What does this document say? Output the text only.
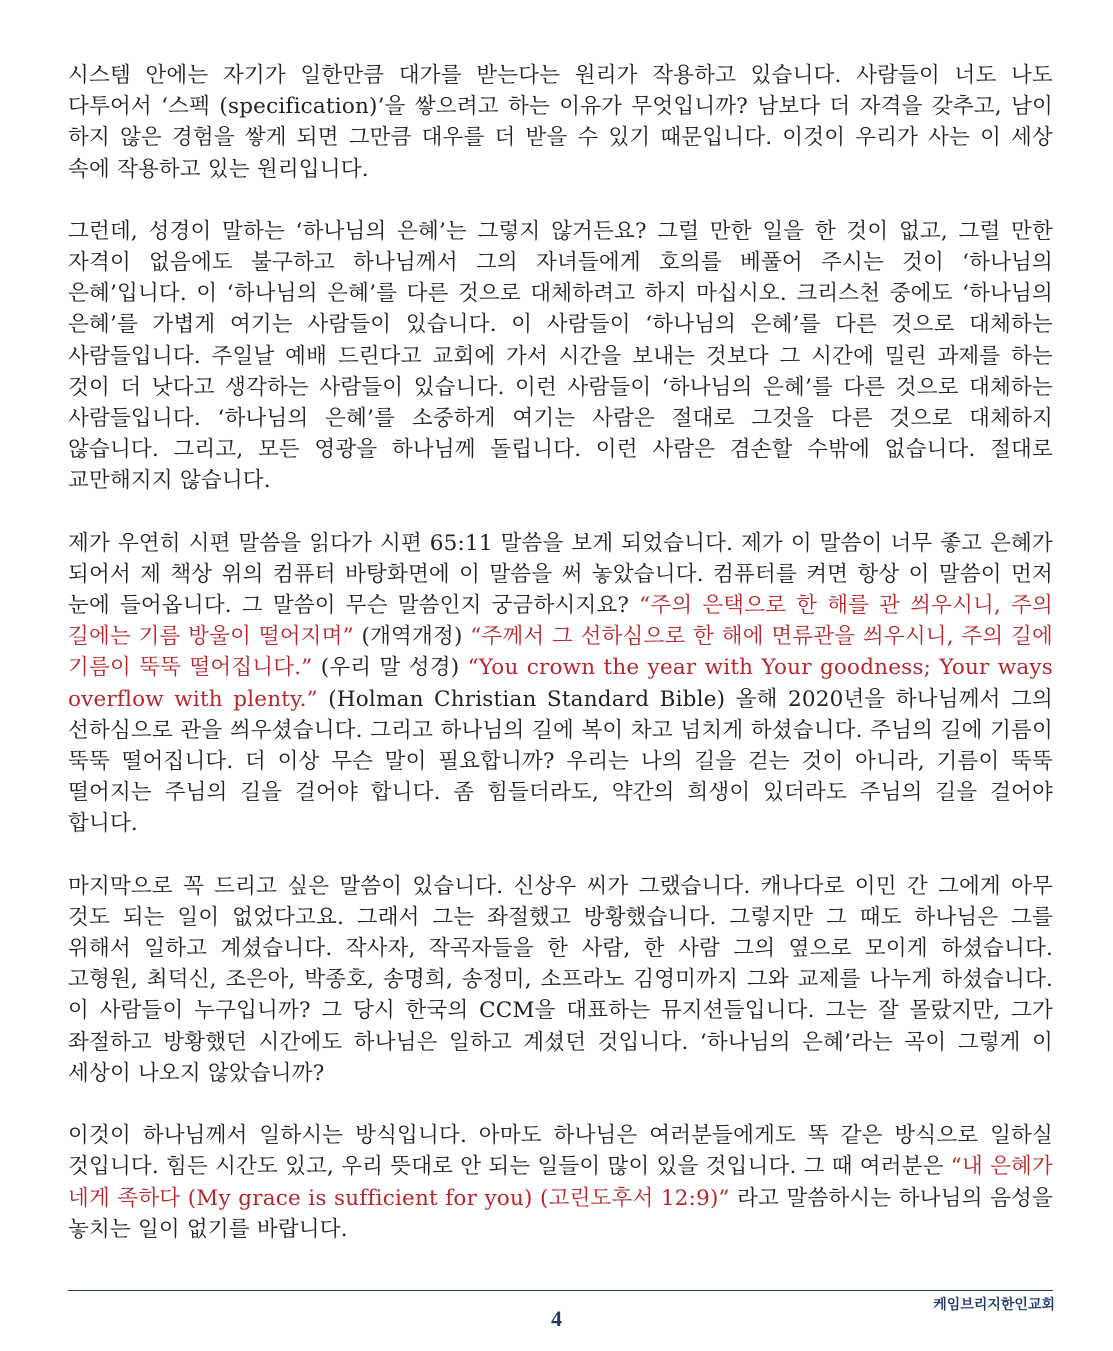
시스템 안에는 자기가 일한만큼 대가를 받는다는 원리가 작용하고 있습니다. 사람들이 너도 나도 다투어서 ‘스펙 (specification)’을 쌓으려고 하는 이유가 무엇입니까? 남보다 더 자격을 갖추고, 남이 하지 않은 경험을 쌓게 되면 그만큼 대우를 더 받을 수 있기 때문입니다. 이것이 우리가 사는 이 세상 속에 작용하고 있는 원리입니다.

그런데, 성경이 말하는 ‘하나님의 은혜’는 그렇지 않거든요? 그럴 만한 일을 한 것이 없고, 그럴 만한 자격이 없음에도 불구하고 하나님께서 그의 자녀들에게 호의를 베풀어 주시는 것이 ‘하나님의 은혜’입니다. 이 ‘하나님의 은혜’를 다른 것으로 대체하려고 하지 마십시오. 크리스천 중에도 ‘하나님의 은혜’를 가볍게 여기는 사람들이 있습니다. 이 사람들이 ‘하나님의 은혜’를 다른 것으로 대체하는 사람들입니다. 주일날 예배 드린다고 교회에 가서 시간을 보내는 것보다 그 시간에 밀린 과제를 하는 것이 더 낫다고 생각하는 사람들이 있습니다. 이런 사람들이 ‘하나님의 은혜’를 다른 것으로 대체하는 사람들입니다. ‘하나님의 은혜’를 소중하게 여기는 사람은 절대로 그것을 다른 것으로 대체하지 않습니다. 그리고, 모든 영광을 하나님께 돌립니다. 이런 사람은 겸손할 수밖에 없습니다. 절대로 교만해지지 않습니다.

제가 우연히 시편 말씀을 읽다가 시편 65:11 말씀을 보게 되었습니다. 제가 이 말씀이 너무 좋고 은혜가 되어서 제 책상 위의 컴퓨터 바탕화면에 이 말씀을 써 놓았습니다. 컴퓨터를 켜면 항상 이 말씀이 먼저 눈에 들어옵니다. 그 말씀이 무슨 말씀인지 궁금하시지요? “주의 은택으로 한 해를 관 씌우시니, 주의 길에는 기름 방울이 떨어지며” (개역개정) “주께서 그 선하심으로 한 해에 면류관을 씌우시니, 주의 길에 기름이 뚝뚝 떨어집니다.” (우리 말 성경) “You crown the year with Your goodness; Your ways overflow with plenty.” (Holman Christian Standard Bible) 올해 2020년을 하나님께서 그의 선하심으로 관을 씌우셨습니다. 그리고 하나님의 길에 복이 차고 넘치게 하셨습니다. 주님의 길에 기름이 뚝뚝 떨어집니다. 더 이상 무슨 말이 필요합니까? 우리는 나의 길을 걷는 것이 아니라, 기름이 뚝뚝 떨어지는 주님의 길을 걸어야 합니다. 좀 힘들더라도, 약간의 희생이 있더라도 주님의 길을 걸어야 합니다.

마지막으로 꼭 드리고 싶은 말씀이 있습니다. 신상우 씨가 그랬습니다. 캐나다로 이민 간 그에게 아무 것도 되는 일이 없었다고요. 그래서 그는 좌절했고 방황했습니다. 그렇지만 그 때도 하나님은 그를 위해서 일하고 계셨습니다. 작사자, 작곡자들을 한 사람, 한 사람 그의 옆으로 모이게 하셨습니다. 고형원, 최덕신, 조은아, 박종호, 송명희, 송정미, 소프라노 김영미까지 그와 교제를 나누게 하셨습니다. 이 사람들이 누구입니까? 그 당시 한국의 CCM을 대표하는 뮤지션들입니다. 그는 잘 몰랐지만, 그가 좌절하고 방황했던 시간에도 하나님은 일하고 계셨던 것입니다. ‘하나님의 은혜’라는 곡이 그렇게 이 세상이 나오지 않았습니까?

이것이 하나님께서 일하시는 방식입니다. 아마도 하나님은 여러분들에게도 똑 같은 방식으로 일하실 것입니다. 힘든 시간도 있고, 우리 뜻대로 안 되는 일들이 많이 있을 것입니다. 그 때 여러분은 “내 은혜가 네게 족하다 (My grace is sufficient for you) (고린도후서 12:9)” 라고 말씀하시는 하나님의 음성을 놓치는 일이 없기를 바랍니다.

케임브리지한인교회
4
